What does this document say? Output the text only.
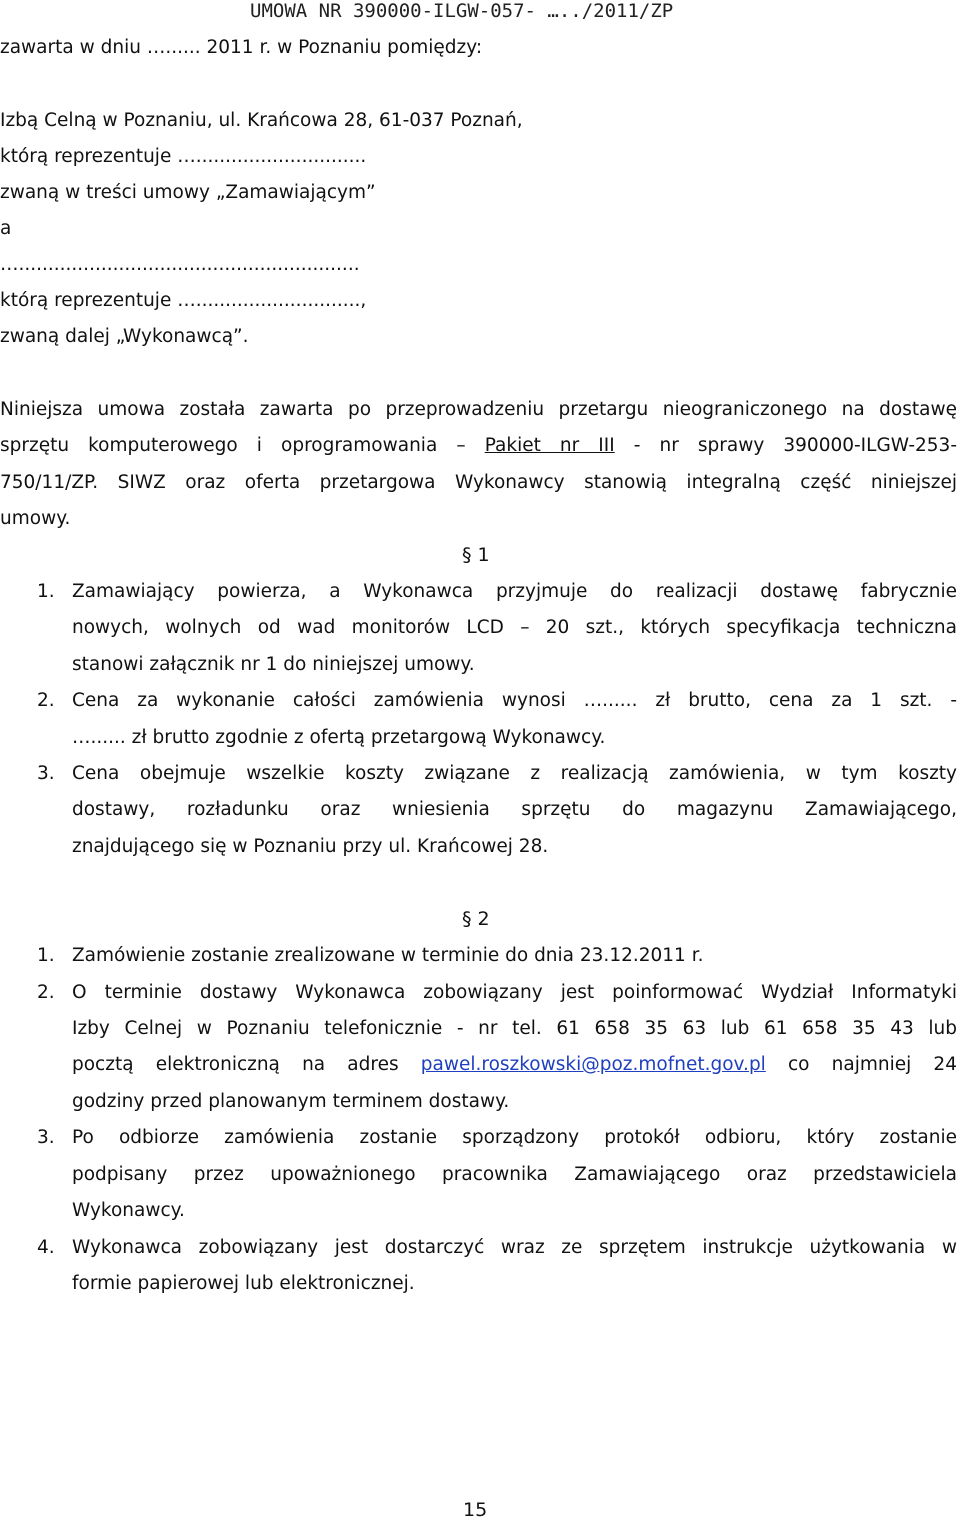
UMOWA NR 390000-ILGW-057- …../2011/ZP
zawarta w dniu …...... 2011 r. w Poznaniu pomiędzy:
Izbą Celną w Poznaniu, ul. Krańcowa 28, 61-037 Poznań,
którą reprezentuje ….............................
zwaną w treści umowy „Zamawiającym”
a
…..........................................................
którą reprezentuje …............................,
zwaną dalej „Wykonawcą”.
Niniejsza umowa została zawarta po przeprowadzeniu przetargu nieograniczonego na dostawę
sprzętu komputerowego i oprogramowania – Pakiet nr III - nr sprawy 390000-ILGW-253-
750/11/ZP. SIWZ oraz oferta przetargowa Wykonawcy stanowią integralną część niniejszej
umowy.
§ 1
1. Zamawiający powierza, a Wykonawca przyjmuje do realizacji dostawę fabrycznie
nowych, wolnych od wad monitorów LCD – 20 szt., których specyfikacja techniczna
stanowi załącznik nr 1 do niniejszej umowy.
2. Cena za wykonanie całości zamówienia wynosi …...... zł brutto, cena za 1 szt. -
…...... zł brutto zgodnie z ofertą przetargową Wykonawcy.
3. Cena obejmuje wszelkie koszty związane z realizacją zamówienia, w tym koszty
dostawy, rozładunku oraz wniesienia sprzętu do magazynu Zamawiającego,
znajdującego się w Poznaniu przy ul. Krańcowej 28.
§ 2
1. Zamówienie zostanie zrealizowane w terminie do dnia 23.12.2011 r.
2. O terminie dostawy Wykonawca zobowiązany jest poinformować Wydział Informatyki
Izby Celnej w Poznaniu telefonicznie - nr tel. 61 658 35 63 lub 61 658 35 43 lub
pocztą elektroniczną na adres pawel.roszkowski@poz.mofnet.gov.pl co najmniej 24
godziny przed planowanym terminem dostawy.
3. Po odbiorze zamówienia zostanie sporządzony protokół odbioru, który zostanie
podpisany przez upoważnionego pracownika Zamawiającego oraz przedstawiciela
Wykonawcy.
4. Wykonawca zobowiązany jest dostarczyć wraz ze sprzętem instrukcje użytkowania w
formie papierowej lub elektronicznej.
15
